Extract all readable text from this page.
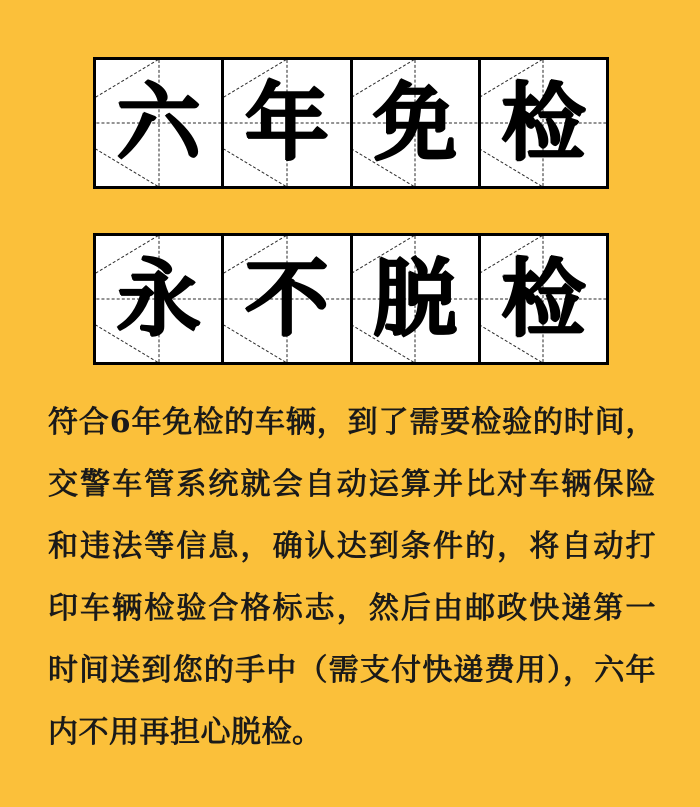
六 年 免 检
永 不 脱 检
符合6年免检的车辆，到了需要检验的时间，交警车管系统就会自动运算并比对车辆保险和违法等信息，确认达到条件的，将自动打印车辆检验合格标志，然后由邮政快递第一时间送到您的手中（需支付快递费用），六年内不用再担心脱检。
